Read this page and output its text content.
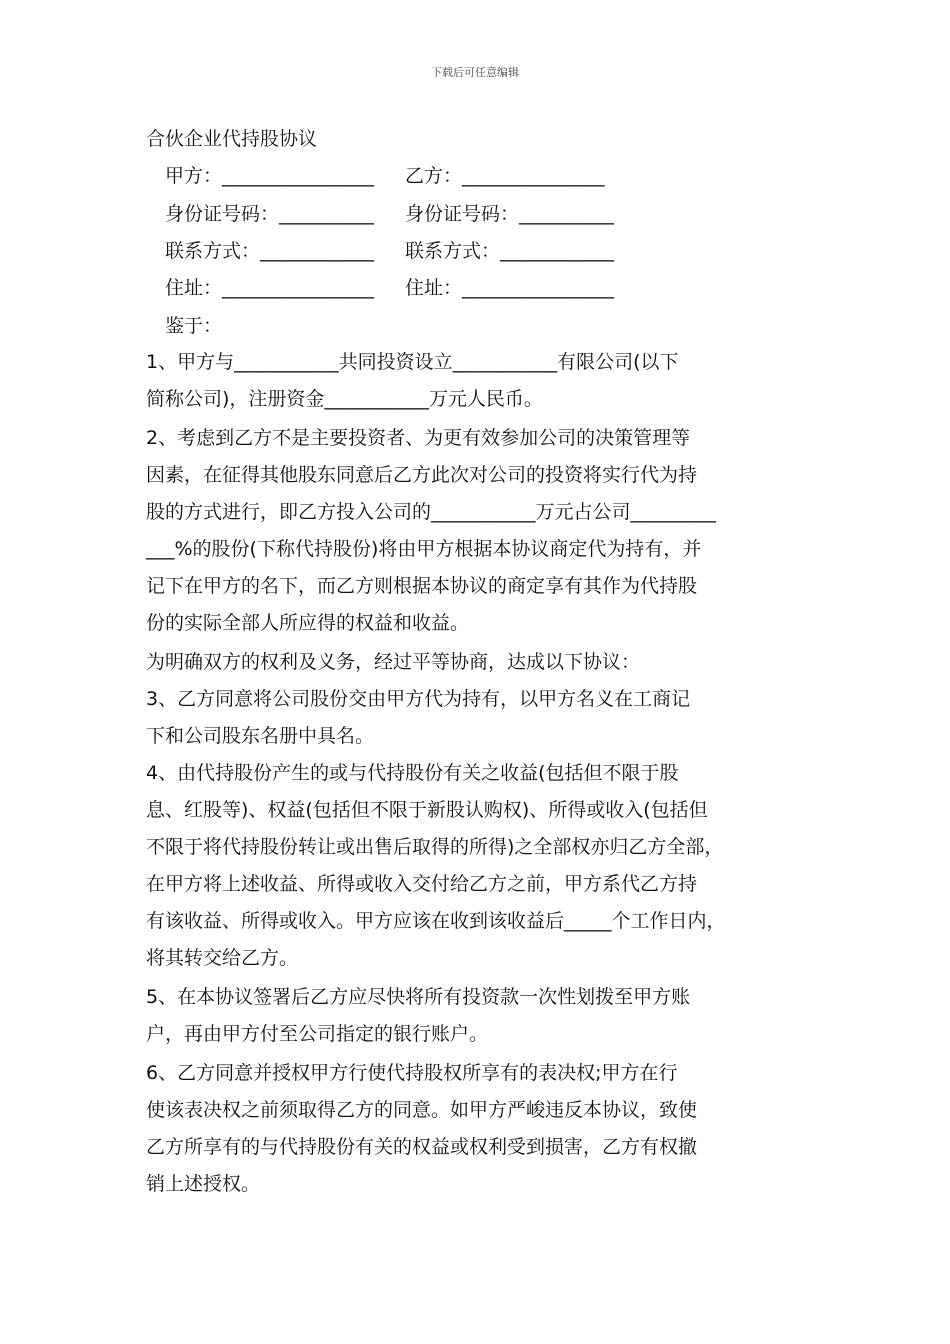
下载后可任意编辑
合伙企业代持股协议
甲方：________________ 乙方：_______________
身份证号码：__________ 身份证号码：__________
联系方式：____________ 联系方式：____________
住址：________________ 住址：________________
鉴于：
1、甲方与___________共同投资设立___________有限公司(以下
简称公司)，注册资金___________万元人民币。
2、考虑到乙方不是主要投资者、为更有效参加公司的决策管理等
因素，在征得其他股东同意后乙方此次对公司的投资将实行代为持
股的方式进行，即乙方投入公司的___________万元占公司_________
___%的股份(下称代持股份)将由甲方根据本协议商定代为持有，并
记下在甲方的名下，而乙方则根据本协议的商定享有其作为代持股
份的实际全部人所应得的权益和收益。
为明确双方的权利及义务，经过平等协商，达成以下协议：
3、乙方同意将公司股份交由甲方代为持有，以甲方名义在工商记
下和公司股东名册中具名。
4、由代持股份产生的或与代持股份有关之收益(包括但不限于股
息、红股等)、权益(包括但不限于新股认购权)、所得或收入(包括但
不限于将代持股份转让或出售后取得的所得)之全部权亦归乙方全部，
在甲方将上述收益、所得或收入交付给乙方之前，甲方系代乙方持
有该收益、所得或收入。甲方应该在收到该收益后_____个工作日内，
将其转交给乙方。
5、在本协议签署后乙方应尽快将所有投资款一次性划拨至甲方账
户，再由甲方付至公司指定的银行账户。
6、乙方同意并授权甲方行使代持股权所享有的表决权;甲方在行
使该表决权之前须取得乙方的同意。如甲方严峻违反本协议，致使
乙方所享有的与代持股份有关的权益或权利受到损害，乙方有权撤
销上述授权。
